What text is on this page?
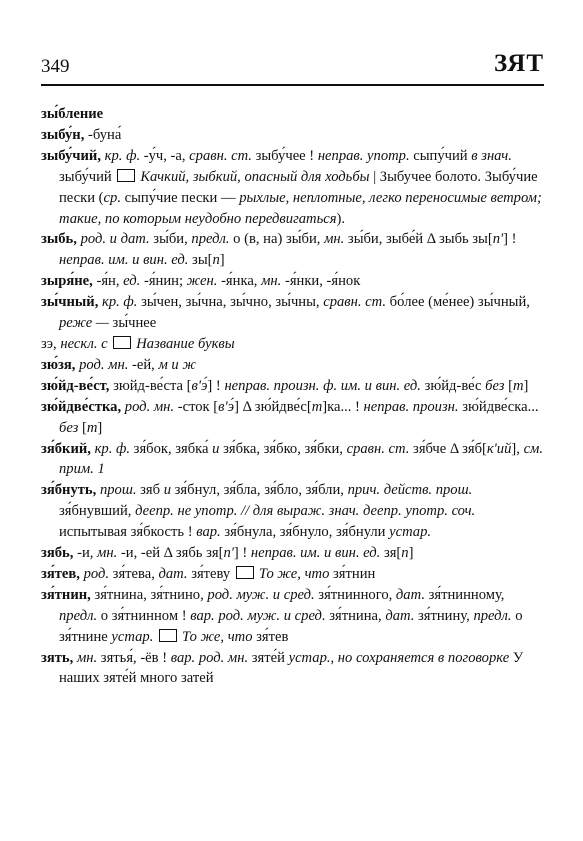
349	ЗЯТ

зы́бление

зыбу́н, -буна́

зыбу́чий, кр. ф. -у́ч, -а, сравн. ст. зыбу́чее ! неправ. употр. сыпу́чий в знач. зыбу́чий Качкий, зыбкий, опасный для ходьбы | Зыбучее болото. Зыбу́чие пески (ср. сыпу́чие пески — рыхлые, неплотные, легко переносимые ветром; такие, по которым неудобно передвигаться).

зыбь, род. и дат. зы́би, предл. о (в, на) зы́би, мн. зы́би, зыбе́й Δ зыбь зы[пʹ] ! неправ. им. и вин. ед. зы[п]

зыря́не, -я́н, ед. -я́нин; жен. -я́нка, мн. -я́нки, -я́нок

зы́чный, кр. ф. зы́чен, зы́чна, зы́чно, зы́чны, сравн. ст. бо́лее (ме́нее) зы́чный, реже — зы́чнее

зэ, нескл. с Название буквы

зю́зя, род. мн. -ей, м и ж

зю́йд-ве́ст, зюйд-ве́ста [вʹэ́] ! неправ. произн. ф. им. и вин. ед. зю́йд-ве́с без [т]

зю́йдве́стка, род. мн. -сток [вʹэ́] Δ зю́йдве́с[т]ка... ! неправ. произн. зю́йдве́ска... без [т]

зя́бкий, кр. ф. зя́бок, зябка́ и зя́бка, зя́бко, зя́бки, сравн. ст. зя́бче Δ зя́б[кʹий], см. прим. 1

зя́бнуть, прош. зяб и зя́бнул, зя́бла, зя́бло, зя́бли, прич. действ. прош. зя́бнувший, деепр. не употр. // для выраж. знач. деепр. употр. соч. испытывая зя́бкость ! вар. зя́бнула, зя́бнуло, зя́бнули устар.

зябь, -и, мн. -и, -ей Δ зябь зя[пʹ] ! неправ. им. и вин. ед. зя[п]

зя́тев, род. зя́тева, дат. зя́теву То же, что зя́тнин

зя́тнин, зя́тнина, зя́тнино, род. муж. и сред. зя́тнинного, дат. зя́тнинному, предл. о зя́тнинном ! вар. род. муж. и сред. зя́тнина, дат. зя́тнину, предл. о зя́тнине устар. То же, что зя́тев

зять, мн. зятья́, -ёв ! вар. род. мн. зяте́й устар., но сохраняется в поговорке У наших зяте́й много затей
